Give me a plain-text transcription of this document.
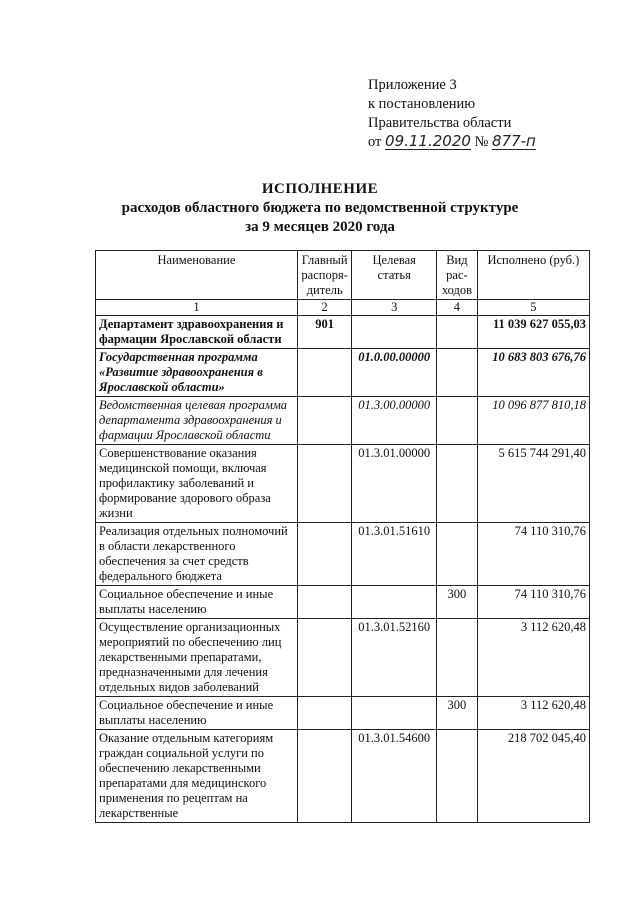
Приложение 3
к постановлению
Правительства области
от 09.11.2020 № 877-п
ИСПОЛНЕНИЕ
расходов областного бюджета по ведомственной структуре
за 9 месяцев 2020 года
Наименование	Главный распоря-дитель	Целевая статья	Вид рас-ходов	Исполнено (руб.)
1	2	3	4	5
Департамент здравоохранения и фармации Ярославской области	901			11 039 627 055,03
Государственная программа «Развитие здравоохранения в Ярославской области»		01.0.00.00000		10 683 803 676,76
Ведомственная целевая программа департамента здравоохранения и фармации Ярославской области		01.3.00.00000		10 096 877 810,18
Совершенствование оказания медицинской помощи, включая профилактику заболеваний и формирование здорового образа жизни		01.3.01.00000		5 615 744 291,40
Реализация отдельных полномочий в области лекарственного обеспечения за счет средств федерального бюджета		01.3.01.51610		74 110 310,76
Социальное обеспечение и иные выплаты населению			300	74 110 310,76
Осуществление организационных мероприятий по обеспечению лиц лекарственными препаратами, предназначенными для лечения отдельных видов заболеваний		01.3.01.52160		3 112 620,48
Социальное обеспечение и иные выплаты населению			300	3 112 620,48
Оказание отдельным категориям граждан социальной услуги по обеспечению лекарственными препаратами для медицинского применения по рецептам на лекарственные		01.3.01.54600		218 702 045,40
